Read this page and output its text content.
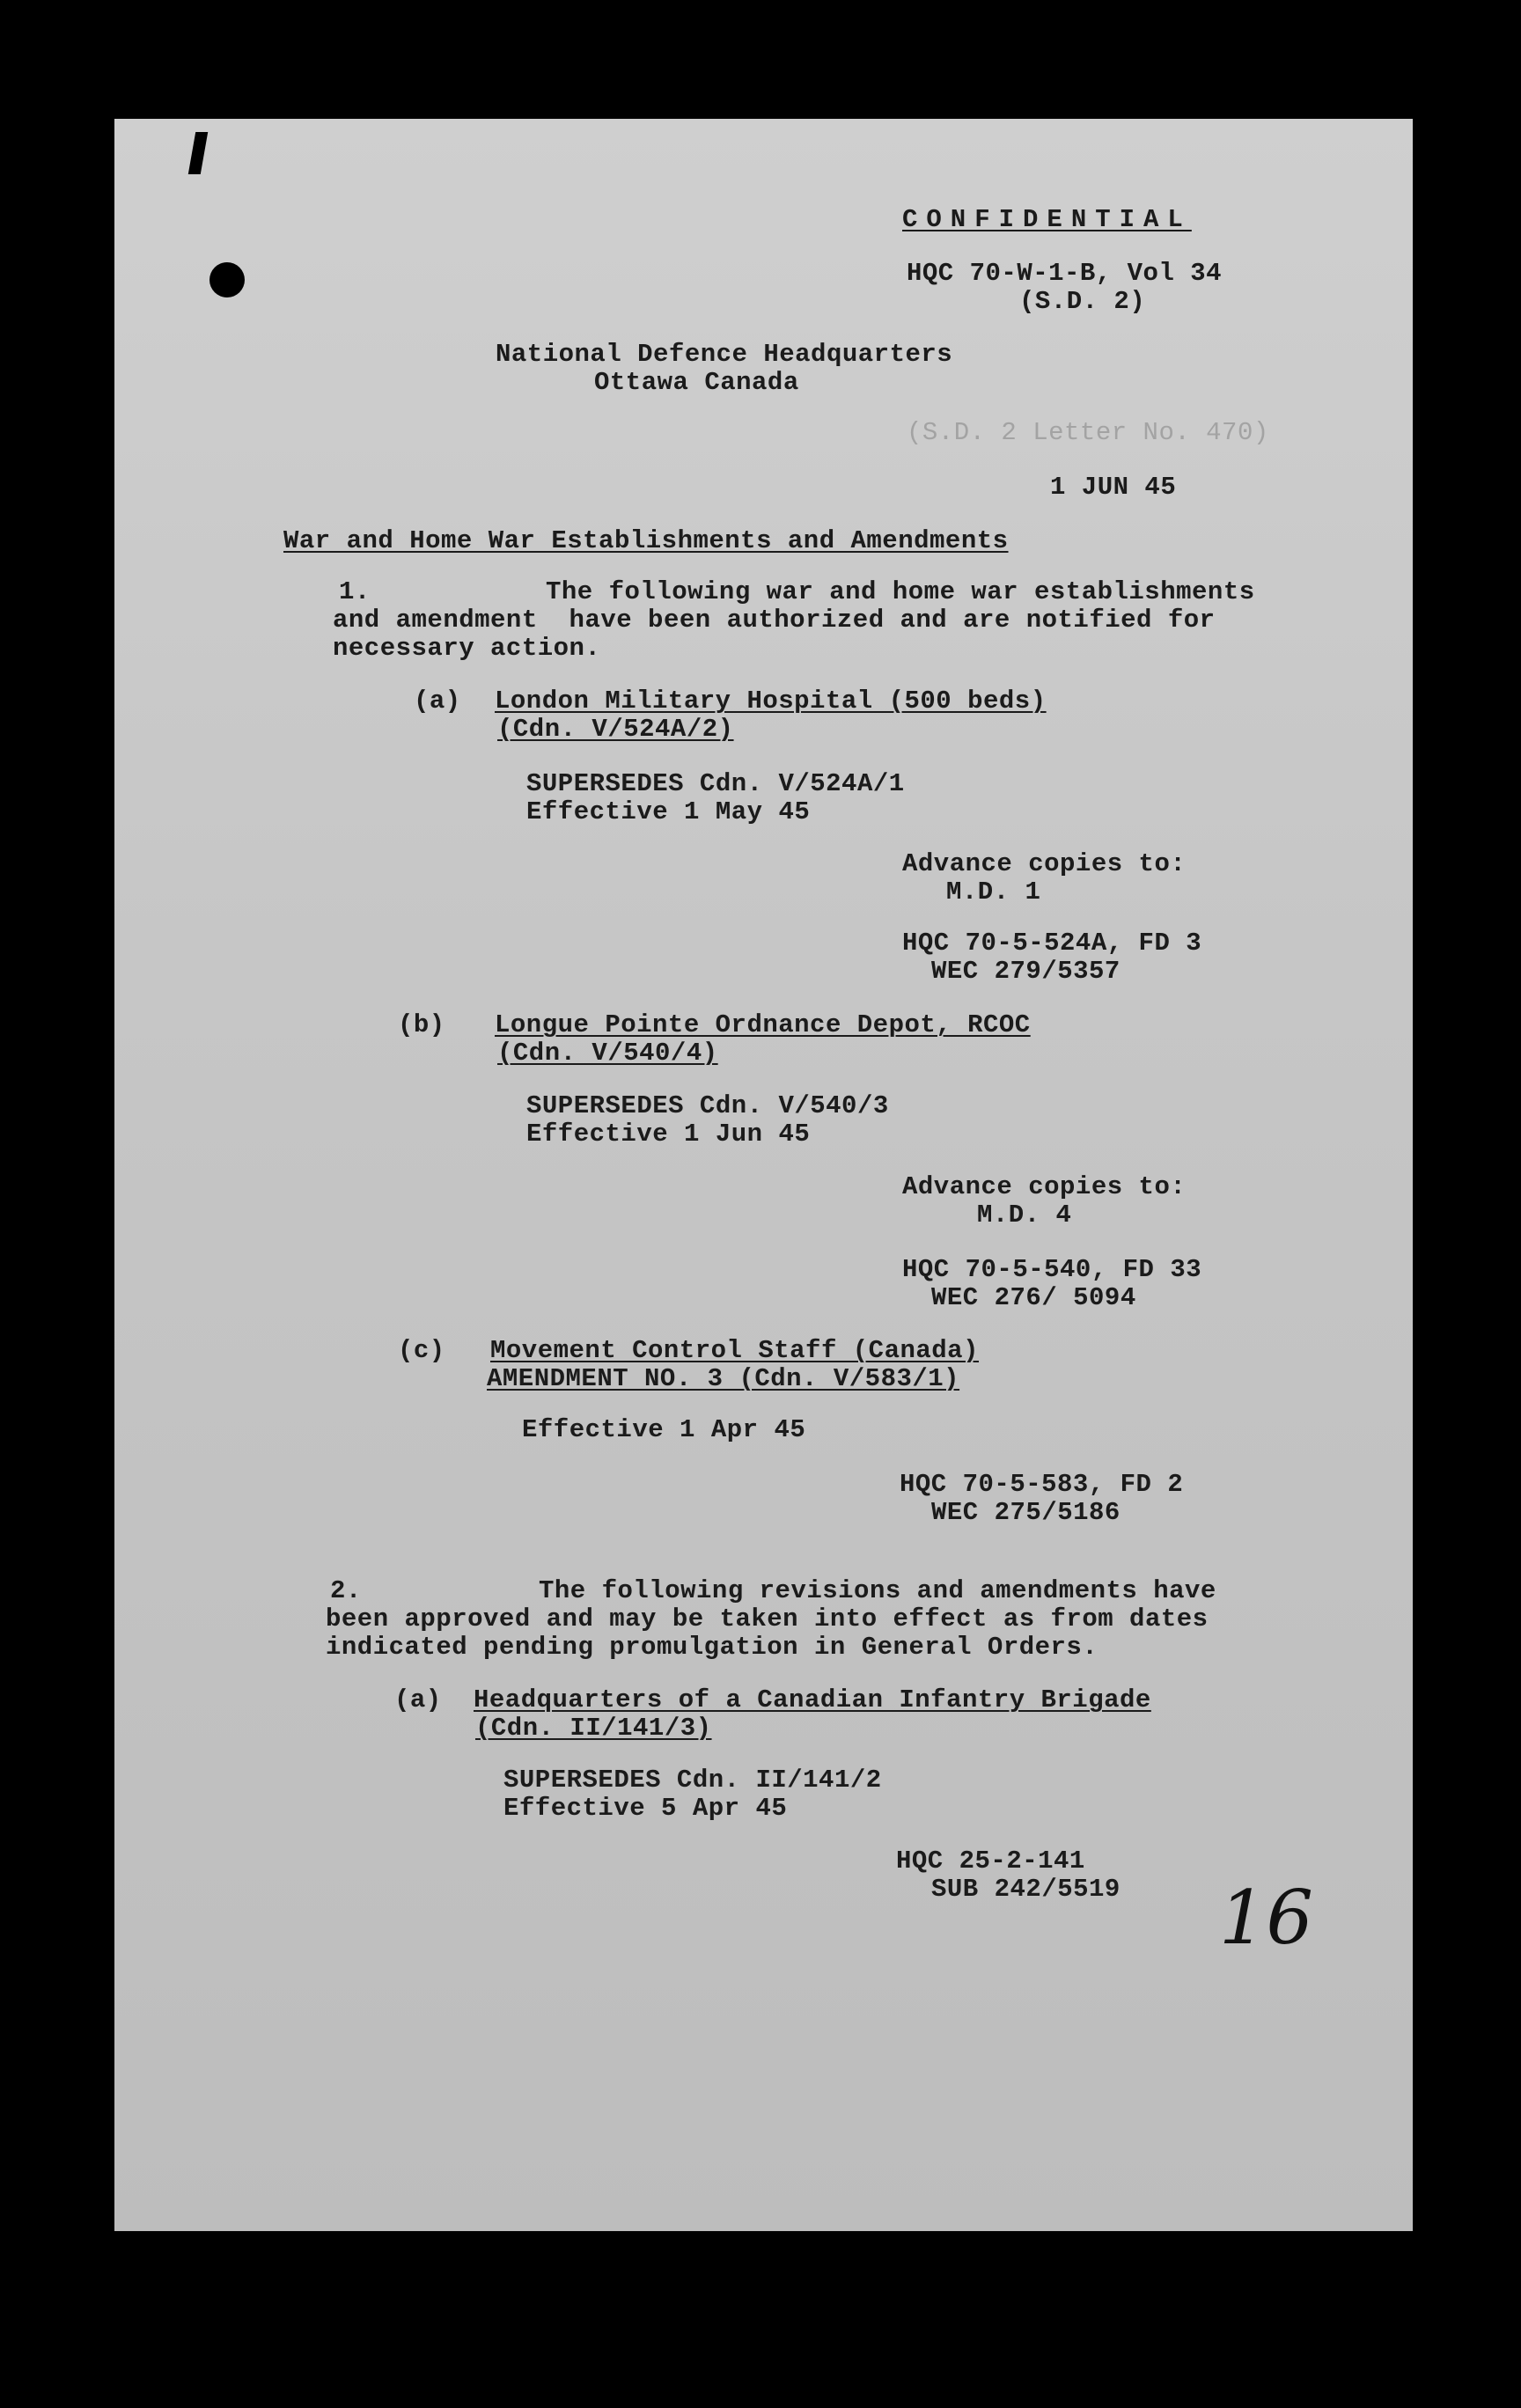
CONFIDENTIAL
HQC 70-W-1-B, Vol 34
(S.D. 2)
National Defence Headquarters
Ottawa Canada
(S.D. 2 Letter No. 470)
1 JUN 45
War and Home War Establishments and Amendments
1.	The following war and home war establishments
and amendment  have been authorized and are notified for
necessary action.
(a) London Military Hospital (500 beds)
(Cdn. V/524A/2)
SUPERSEDES Cdn. V/524A/1
Effective 1 May 45
Advance copies to:
M.D. 1
HQC 70-5-524A, FD 3
WEC 279/5357
(b) Longue Pointe Ordnance Depot, RCOC
(Cdn. V/540/4)
SUPERSEDES Cdn. V/540/3
Effective 1 Jun 45
Advance copies to:
M.D. 4
HQC 70-5-540, FD 33
WEC 276/ 5094
(c) Movement Control Staff (Canada)
AMENDMENT NO. 3 (Cdn. V/583/1)
Effective 1 Apr 45
HQC 70-5-583, FD 2
WEC 275/5186
2.	The following revisions and amendments have
been approved and may be taken into effect as from dates
indicated pending promulgation in General Orders.
(a) Headquarters of a Canadian Infantry Brigade
(Cdn. II/141/3)
SUPERSEDES Cdn. II/141/2
Effective 5 Apr 45
HQC 25-2-141
SUB 242/5519 16
